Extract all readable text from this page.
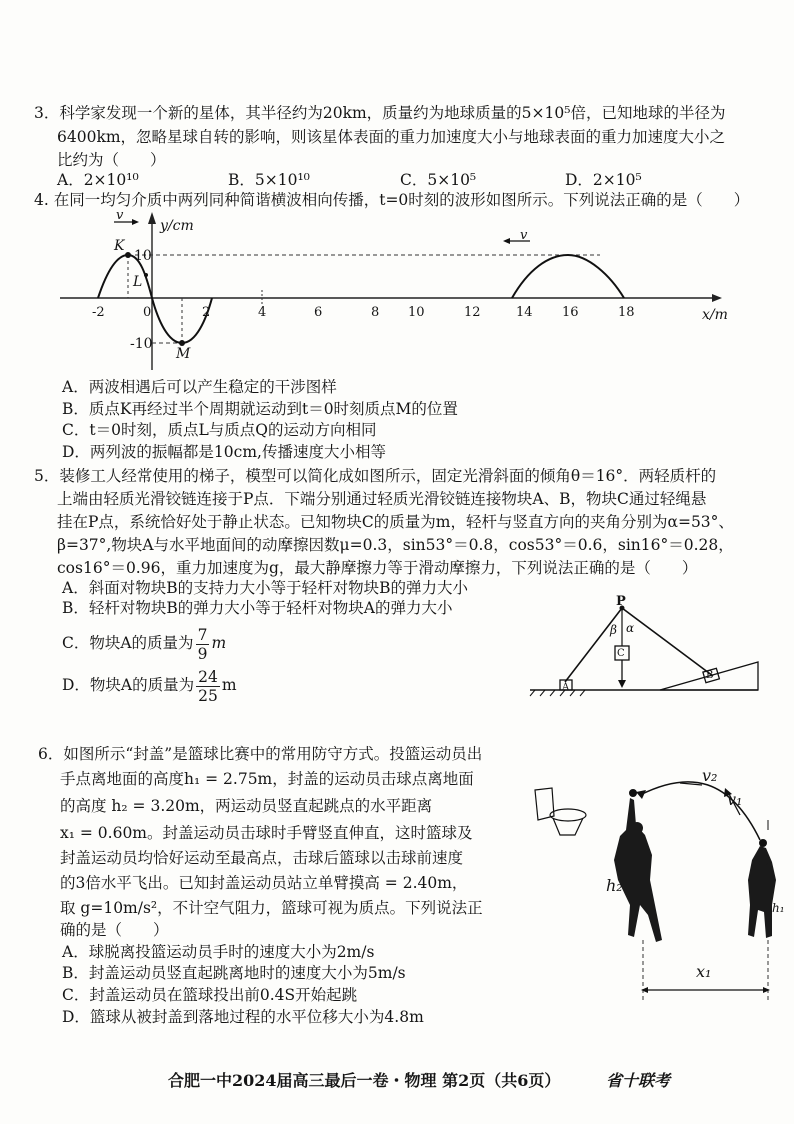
3．科学家发现一个新的星体，其半径约为20km，质量约为地球质量的5×10⁵倍，已知地球的半径为
6400km，忽略星球自转的影响，则该星体表面的重力加速度大小与地球表面的重力加速度大小之
比约为（　　）
A．2×10¹⁰	B．5×10¹⁰	C．5×10⁵	D．2×10⁵
4. 在同一均匀介质中两列同种简谐横波相向传播，t=0时刻的波形如图所示。下列说法正确的是（　　）
y/cm
x/m
10
-10
K
L
M
v
v
-2	0	2	4	6	8 10	12	14 16	18
A．两波相遇后可以产生稳定的干涉图样
B．质点K再经过半个周期就运动到t＝0时刻质点M的位置
C．t＝0时刻，质点L与质点Q的运动方向相同
D．两列波的振幅都是10cm,传播速度大小相等
5．装修工人经常使用的梯子，模型可以简化成如图所示，固定光滑斜面的倾角θ＝16°．两轻质杆的
上端由轻质光滑铰链连接于P点．下端分别通过轻质光滑铰链连接物块A、B，物块C通过轻绳悬
挂在P点，系统恰好处于静止状态。已知物块C的质量为m，轻杆与竖直方向的夹角分别为α=53°、
β=37°,物块A与水平地面间的动摩擦因数μ=0.3，sin53°＝0.8，cos53°＝0.6，sin16°＝0.28，
cos16°＝0.96，重力加速度为g，最大静摩擦力等于滑动摩擦力，下列说法正确的是（　　）
A．斜面对物块B的支持力大小等于轻杆对物块B的弹力大小
B．轻杆对物块B的弹力大小等于轻杆对物块A的弹力大小
C．物块A的质量为 $\frac{7}{9}$ m
D．物块A的质量为 $\frac{24}{25}$ m
P
β α
C
A
B
6．如图所示“封盖”是篮球比赛中的常用防守方式。投篮运动员出
手点离地面的高度h₁ = 2.75m，封盖的运动员击球点离地面
的高度 h₂ = 3.20m，两运动员竖直起跳点的水平距离
x₁ = 0.60m。封盖运动员击球时手臂竖直伸直，这时篮球及
封盖运动员均恰好运动至最高点，击球后篮球以击球前速度
的3倍水平飞出。已知封盖运动员站立单臂摸高 = 2.40m，
取 g=10m/s²，不计空气阻力，篮球可视为质点。下列说法正
确的是（　　）
A．球脱离投篮运动员手时的速度大小为2m/s
B．封盖运动员竖直起跳离地时的速度大小为5m/s
C．封盖运动员在篮球投出前0.4S开始起跳
D．篮球从被封盖到落地过程的水平位移大小为4.8m
v₂
v₁
h₂
h₁
x₁
合肥一中2024届高三最后一卷・物理 第2页（共6页）	省十联考
